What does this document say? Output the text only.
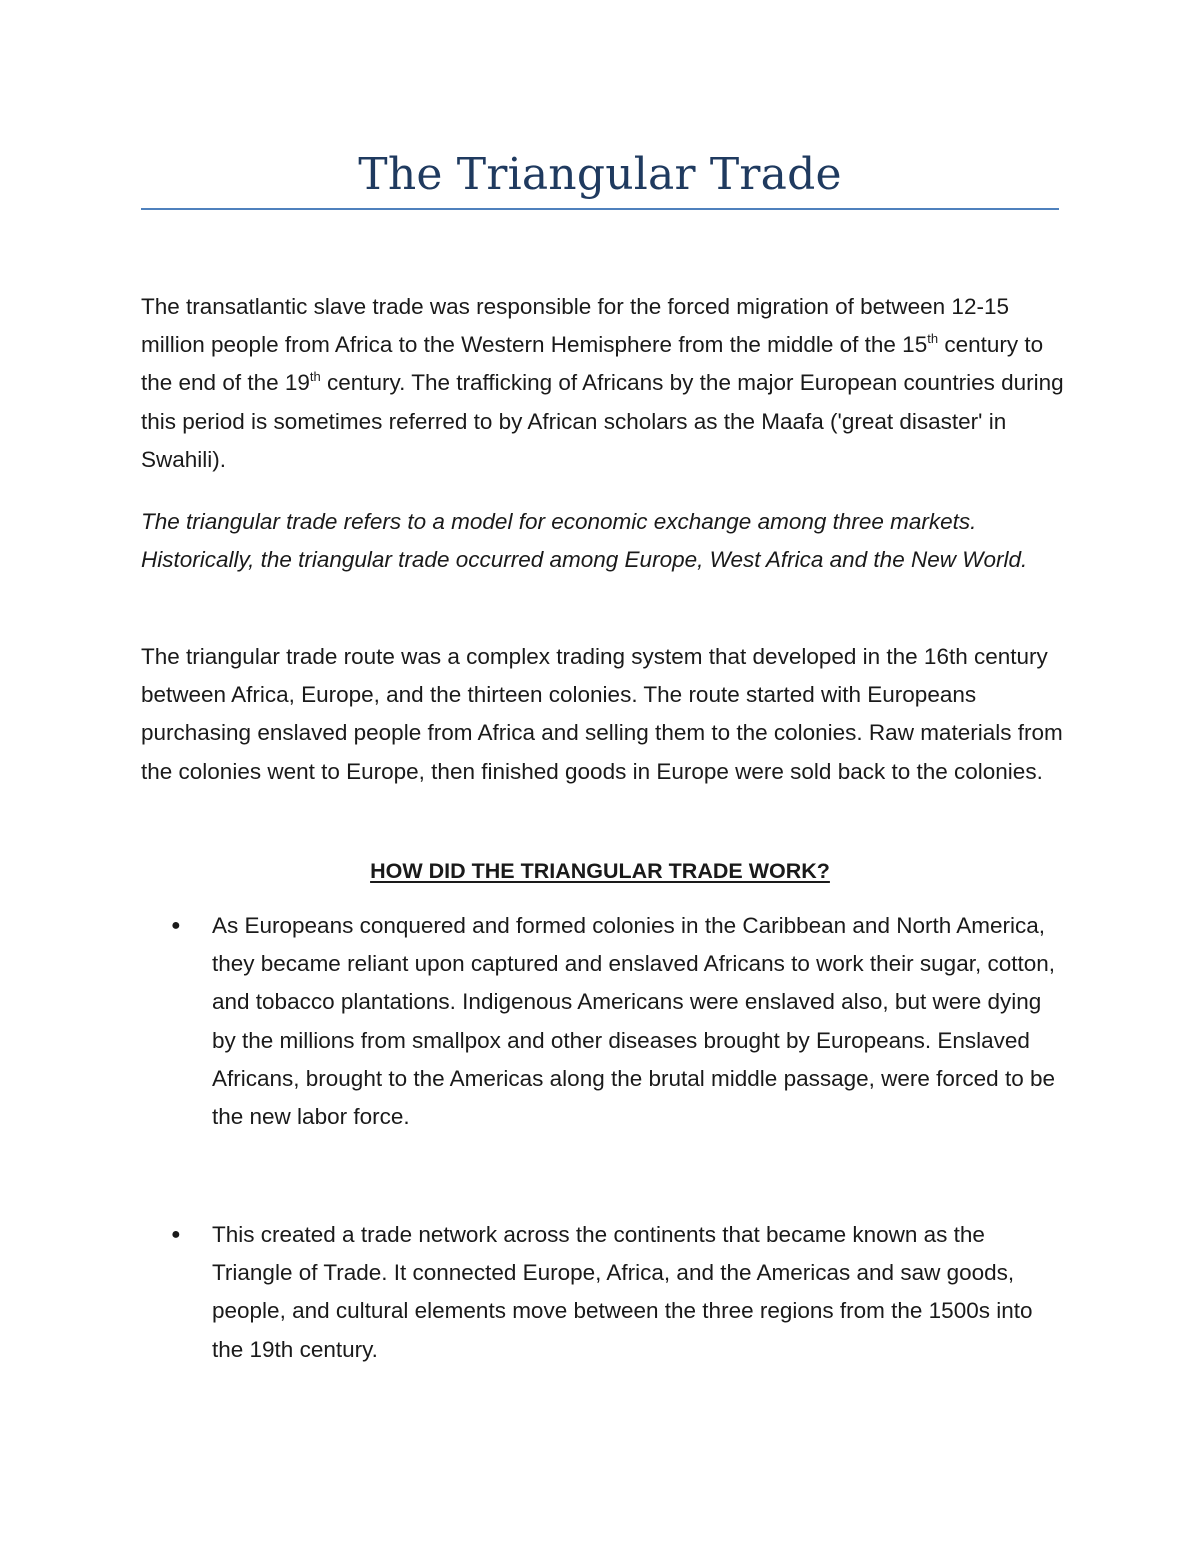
The Triangular Trade

The transatlantic slave trade was responsible for the forced migration of between 12-15 million people from Africa to the Western Hemisphere from the middle of the 15th century to the end of the 19th century. The trafficking of Africans by the major European countries during this period is sometimes referred to by African scholars as the Maafa ('great disaster' in Swahili).

The triangular trade refers to a model for economic exchange among three markets. Historically, the triangular trade occurred among Europe, West Africa and the New World.

The triangular trade route was a complex trading system that developed in the 16th century between Africa, Europe, and the thirteen colonies. The route started with Europeans purchasing enslaved people from Africa and selling them to the colonies. Raw materials from the colonies went to Europe, then finished goods in Europe were sold back to the colonies.

HOW DID THE TRIANGULAR TRADE WORK?
●	As Europeans conquered and formed colonies in the Caribbean and North America, they became reliant upon captured and enslaved Africans to work their sugar, cotton, and tobacco plantations. Indigenous Americans were enslaved also, but were dying by the millions from smallpox and other diseases brought by Europeans. Enslaved Africans, brought to the Americas along the brutal middle passage, were forced to be the new labor force.
●	This created a trade network across the continents that became known as the Triangle of Trade. It connected Europe, Africa, and the Americas and saw goods, people, and cultural elements move between the three regions from the 1500s into the 19th century.
